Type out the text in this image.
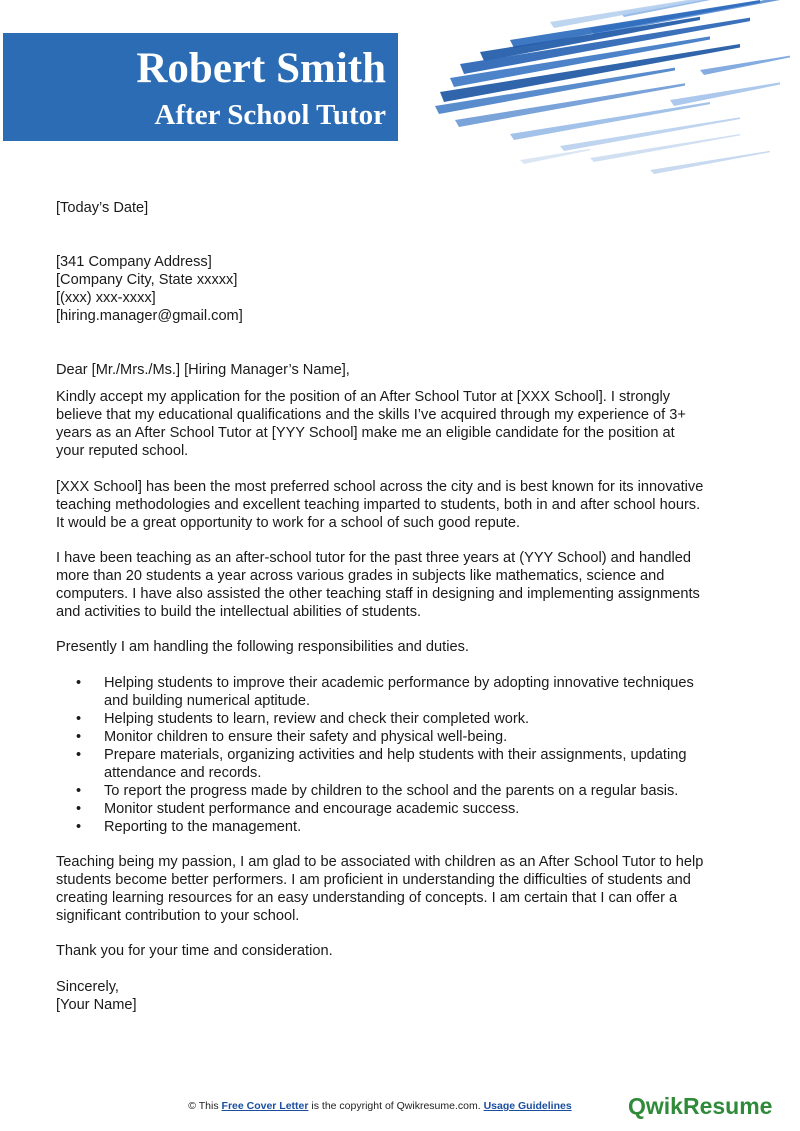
Robert Smith
After School Tutor
[Today’s Date]
[341 Company Address]
[Company City, State xxxxx]
[(xxx) xxx-xxxx]
[hiring.manager@gmail.com]
Dear [Mr./Mrs./Ms.] [Hiring Manager’s Name],
Kindly accept my application for the position of an After School Tutor at [XXX School]. I strongly
believe that my educational qualifications and the skills I’ve acquired through my experience of 3+
years as an After School Tutor at [YYY School] make me an eligible candidate for the position at
your reputed school.
[XXX School] has been the most preferred school across the city and is best known for its innovative
teaching methodologies and excellent teaching imparted to students, both in and after school hours.
It would be a great opportunity to work for a school of such good repute.
I have been teaching as an after-school tutor for the past three years at (YYY School) and handled
more than 20 students a year across various grades in subjects like mathematics, science and
computers. I have also assisted the other teaching staff in designing and implementing assignments
and activities to build the intellectual abilities of students.
Presently I am handling the following responsibilities and duties.
• Helping students to improve their academic performance by adopting innovative techniques
and building numerical aptitude.
• Helping students to learn, review and check their completed work.
• Monitor children to ensure their safety and physical well-being.
• Prepare materials, organizing activities and help students with their assignments, updating
attendance and records.
• To report the progress made by children to the school and the parents on a regular basis.
• Monitor student performance and encourage academic success.
• Reporting to the management.
Teaching being my passion, I am glad to be associated with children as an After School Tutor to help
students become better performers. I am proficient in understanding the difficulties of students and
creating learning resources for an easy understanding of concepts. I am certain that I can offer a
significant contribution to your school.
Thank you for your time and consideration.
Sincerely,
[Your Name]
© This Free Cover Letter is the copyright of Qwikresume.com. Usage Guidelines	QwikResume
